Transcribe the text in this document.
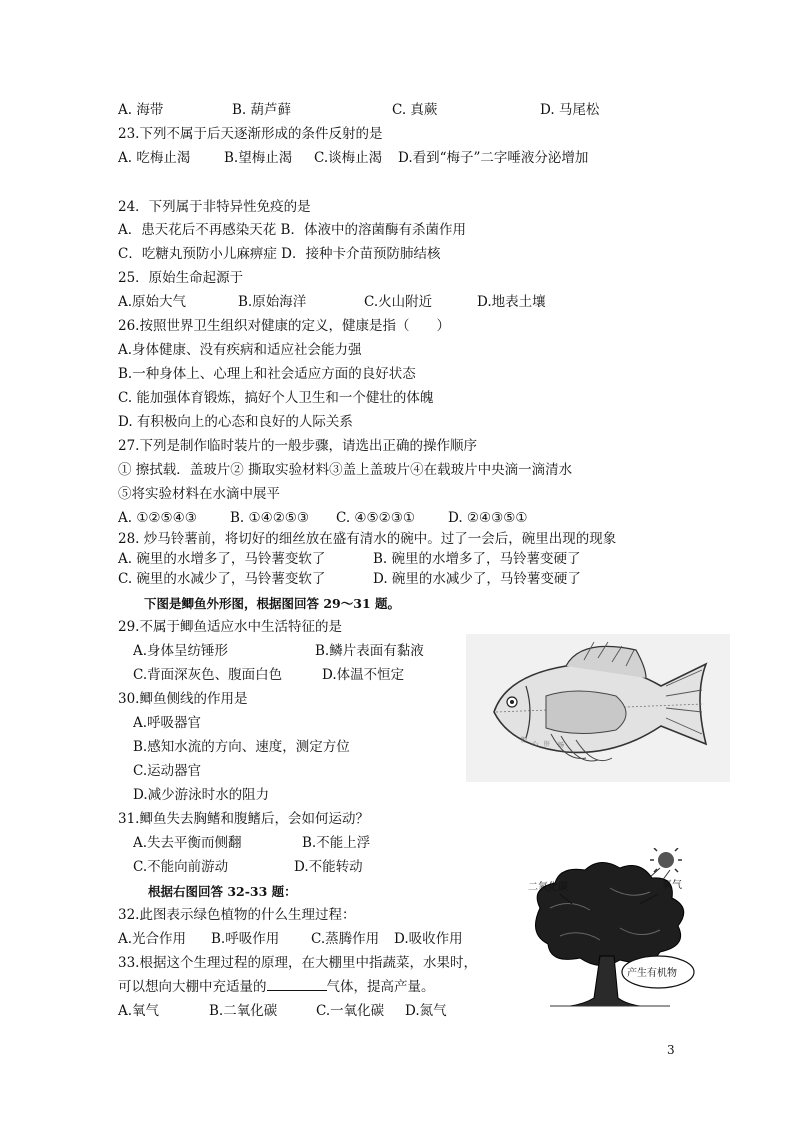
A. 海带	B. 葫芦藓	C. 真蕨	D. 马尾松
23.下列不属于后天逐渐形成的条件反射的是
A. 吃梅止渴 B.望梅止渴 C.谈梅止渴 D.看到“梅子”二字唾液分泌增加
24．下列属于非特异性免疫的是
A．患天花后不再感染天花 B．体液中的溶菌酶有杀菌作用
C．吃糖丸预防小儿麻痹症 D．接种卡介苗预防肺结核
25．原始生命起源于
A.原始大气	B.原始海洋	C.火山附近	D.地表土壤
26.按照世界卫生组织对健康的定义，健康是指（　　）
A.身体健康、没有疾病和适应社会能力强
B.一种身体上、心理上和社会适应方面的良好状态
C. 能加强体育锻炼，搞好个人卫生和一个健壮的体魄
D. 有积极向上的心态和良好的人际关系
27.下列是制作临时装片的一般步骤，请选出正确的操作顺序
① 擦拭载．盖玻片② 撕取实验材料③盖上盖玻片④在载玻片中央滴一滴清水
⑤将实验材料在水滴中展平
A. ①②⑤④③ B. ①④②⑤③ C. ④⑤②③① D. ②④③⑤①
28. 炒马铃薯前，将切好的细丝放在盛有清水的碗中。过了一会后，碗里出现的现象
A. 碗里的水增多了，马铃薯变软了	B. 碗里的水增多了，马铃薯变硬了
C. 碗里的水减少了，马铃薯变软了	D. 碗里的水减少了，马铃薯变硬了
下图是鲫鱼外形图，根据图回答 29～31 题。
29.不属于鲫鱼适应水中生活特征的是
A.身体呈纺锤形	B.鳞片表面有黏液
C.背面深灰色、腹面白色	D.体温不恒定
30.鲫鱼侧线的作用是
A.呼吸器官
B.感知水流的方向、速度，测定方位
C.运动器官
D.减少游泳时水的阻力
31.鲫鱼失去胸鳍和腹鳍后，会如何运动？
A.失去平衡而侧翻	B.不能上浮
C.不能向前游动	D.不能转动
根据右图回答 32-33 题：
32.此图表示绿色植物的什么生理过程：
A.光合作用 B.呼吸作用 C.蒸腾作用 D.吸收作用
33.根据这个生理过程的原理，在大棚里中指蔬菜，水果时，
可以想向大棚中充适量的	气体，提高产量。
A.氧气	B.二氧化碳	C.一氧化碳 D.氮气
腮
心 肝 肠
二氧化碳	氧气
产生有机物
3
